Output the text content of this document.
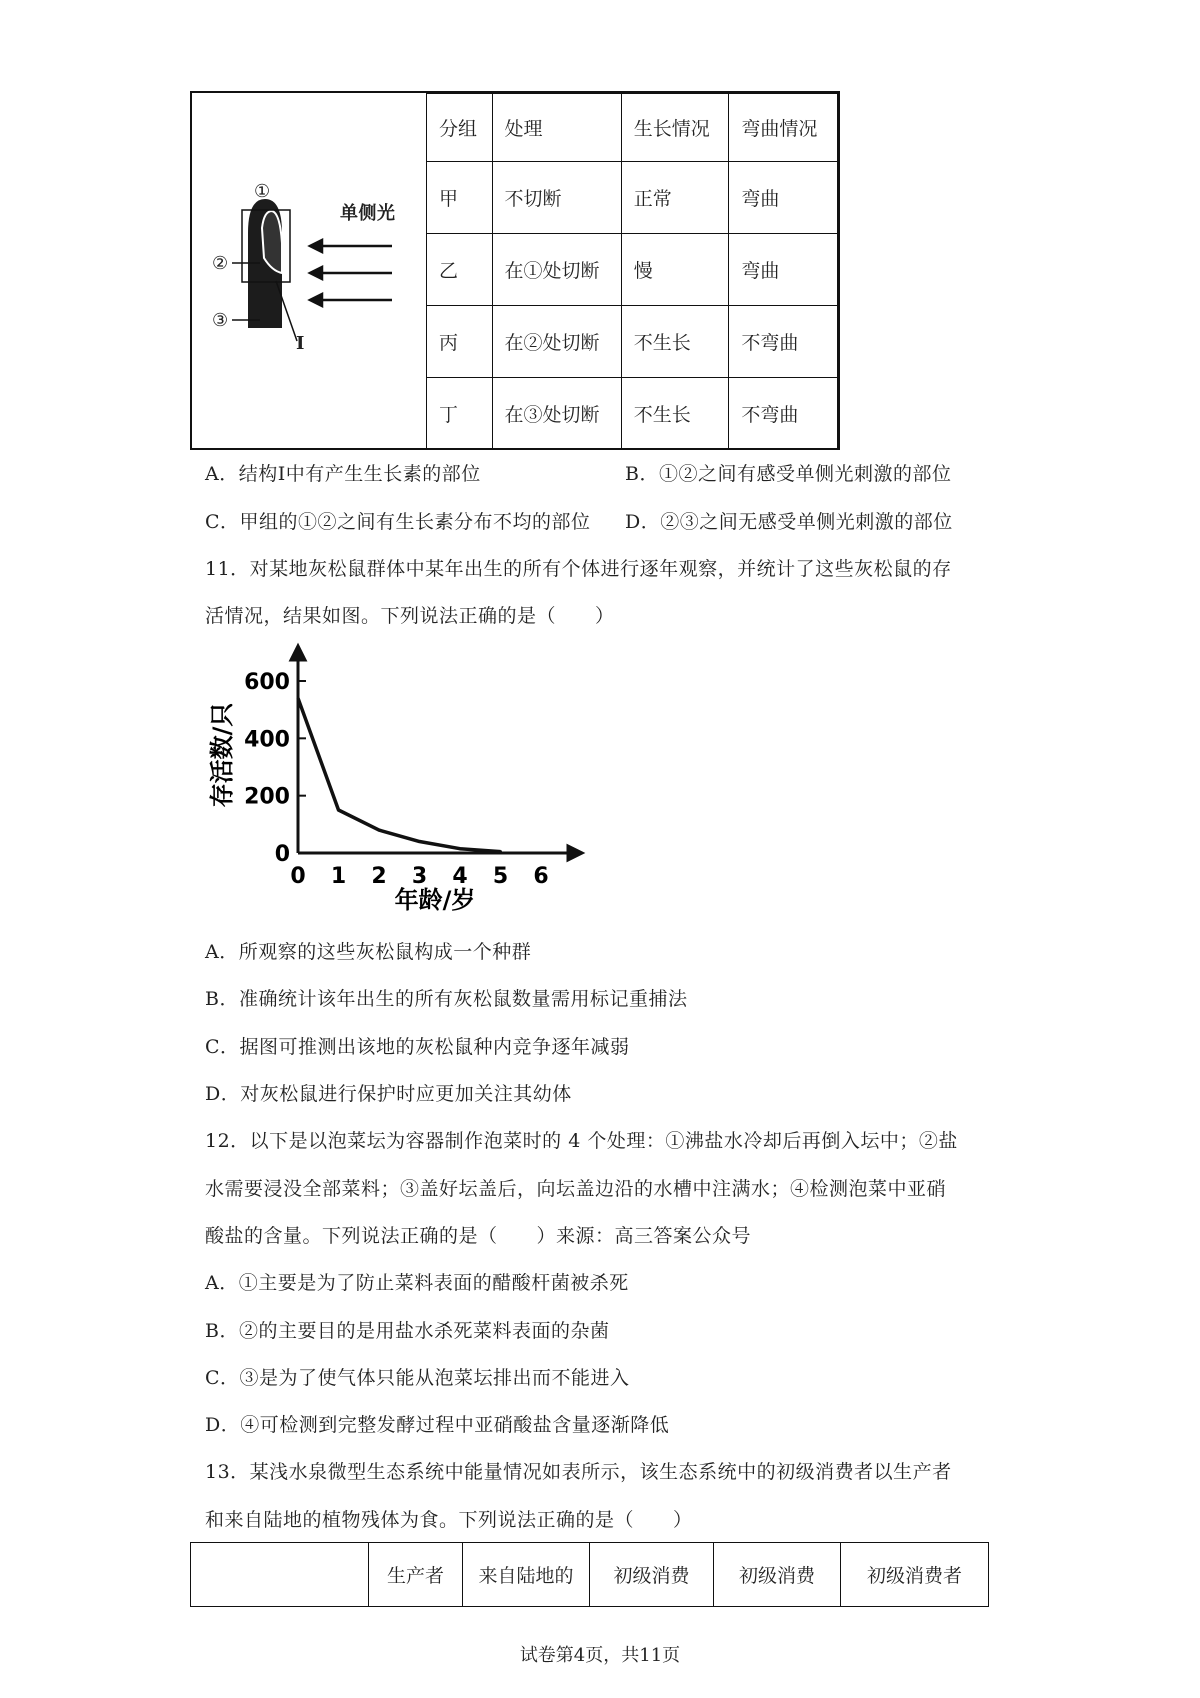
①
②
③
I
单侧光
分组	处理	生长情况	弯曲情况
甲	不切断	正常	弯曲
乙	在①处切断	慢	弯曲
丙	在②处切断	不生长	不弯曲
丁	在③处切断	不生长	不弯曲
A．结构I中有产生生长素的部位	B．①②之间有感受单侧光刺激的部位
C．甲组的①②之间有生长素分布不均的部位 D．②③之间无感受单侧光刺激的部位
11．对某地灰松鼠群体中某年出生的所有个体进行逐年观察，并统计了这些灰松鼠的存
活情况，结果如图。下列说法正确的是（　　）
0
200
400
600
0 1 2 3 4 5 6
存活数/只
年龄/岁
A．所观察的这些灰松鼠构成一个种群
B．准确统计该年出生的所有灰松鼠数量需用标记重捕法
C．据图可推测出该地的灰松鼠种内竞争逐年减弱
D．对灰松鼠进行保护时应更加关注其幼体
12．以下是以泡菜坛为容器制作泡菜时的 4 个处理：①沸盐水冷却后再倒入坛中；②盐
水需要浸没全部菜料；③盖好坛盖后，向坛盖边沿的水槽中注满水；④检测泡菜中亚硝
酸盐的含量。下列说法正确的是（　　）来源：高三答案公众号
A．①主要是为了防止菜料表面的醋酸杆菌被杀死
B．②的主要目的是用盐水杀死菜料表面的杂菌
C．③是为了使气体只能从泡菜坛排出而不能进入
D．④可检测到完整发酵过程中亚硝酸盐含量逐渐降低
13．某浅水泉微型生态系统中能量情况如表所示，该生态系统中的初级消费者以生产者
和来自陆地的植物残体为食。下列说法正确的是（　　）
	生产者	来自陆地的	初级消费	初级消费	初级消费者
试卷第4页，共11页
